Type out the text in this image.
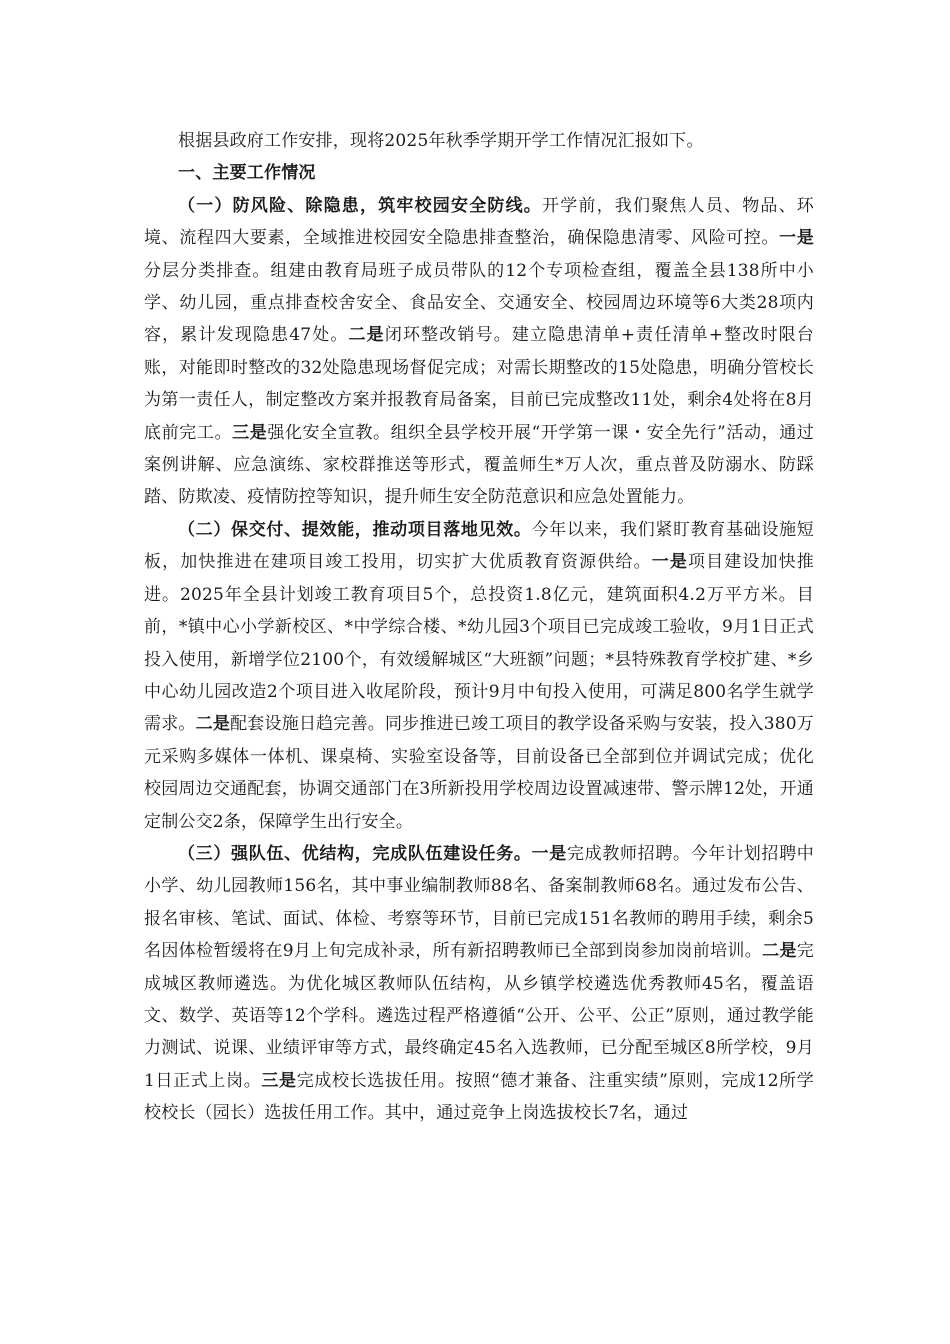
根据县政府工作安排，现将2025年秋季学期开学工作情况汇报如下。

一、主要工作情况

（一）防风险、除隐患，筑牢校园安全防线。开学前，我们聚焦人员、物品、环境、流程四大要素，全域推进校园安全隐患排查整治，确保隐患清零、风险可控。一是分层分类排查。组建由教育局班子成员带队的12个专项检查组，覆盖全县138所中小学、幼儿园，重点排查校舍安全、食品安全、交通安全、校园周边环境等6大类28项内容，累计发现隐患47处。二是闭环整改销号。建立隐患清单+责任清单+整改时限台账，对能即时整改的32处隐患现场督促完成；对需长期整改的15处隐患，明确分管校长为第一责任人，制定整改方案并报教育局备案，目前已完成整改11处，剩余4处将在8月底前完工。三是强化安全宣教。组织全县学校开展“开学第一课・安全先行”活动，通过案例讲解、应急演练、家校群推送等形式，覆盖师生*万人次，重点普及防溺水、防踩踏、防欺凌、疫情防控等知识，提升师生安全防范意识和应急处置能力。

（二）保交付、提效能，推动项目落地见效。今年以来，我们紧盯教育基础设施短板，加快推进在建项目竣工投用，切实扩大优质教育资源供给。一是项目建设加快推进。2025年全县计划竣工教育项目5个，总投资1.8亿元，建筑面积4.2万平方米。目前，*镇中心小学新校区、*中学综合楼、*幼儿园3个项目已完成竣工验收，9月1日正式投入使用，新增学位2100个，有效缓解城区“大班额”问题；*县特殊教育学校扩建、*乡中心幼儿园改造2个项目进入收尾阶段，预计9月中旬投入使用，可满足800名学生就学需求。二是配套设施日趋完善。同步推进已竣工项目的教学设备采购与安装，投入380万元采购多媒体一体机、课桌椅、实验室设备等，目前设备已全部到位并调试完成；优化校园周边交通配套，协调交通部门在3所新投用学校周边设置减速带、警示牌12处，开通定制公交2条，保障学生出行安全。

（三）强队伍、优结构，完成队伍建设任务。一是完成教师招聘。今年计划招聘中小学、幼儿园教师156名，其中事业编制教师88名、备案制教师68名。通过发布公告、报名审核、笔试、面试、体检、考察等环节，目前已完成151名教师的聘用手续，剩余5名因体检暂缓将在9月上旬完成补录，所有新招聘教师已全部到岗参加岗前培训。二是完成城区教师遴选。为优化城区教师队伍结构，从乡镇学校遴选优秀教师45名，覆盖语文、数学、英语等12个学科。遴选过程严格遵循“公开、公平、公正”原则，通过教学能力测试、说课、业绩评审等方式，最终确定45名入选教师，已分配至城区8所学校，9月1日正式上岗。三是完成校长选拔任用。按照“德才兼备、注重实绩”原则，完成12所学校校长（园长）选拔任用工作。其中，通过竞争上岗选拔校长7名，通过
